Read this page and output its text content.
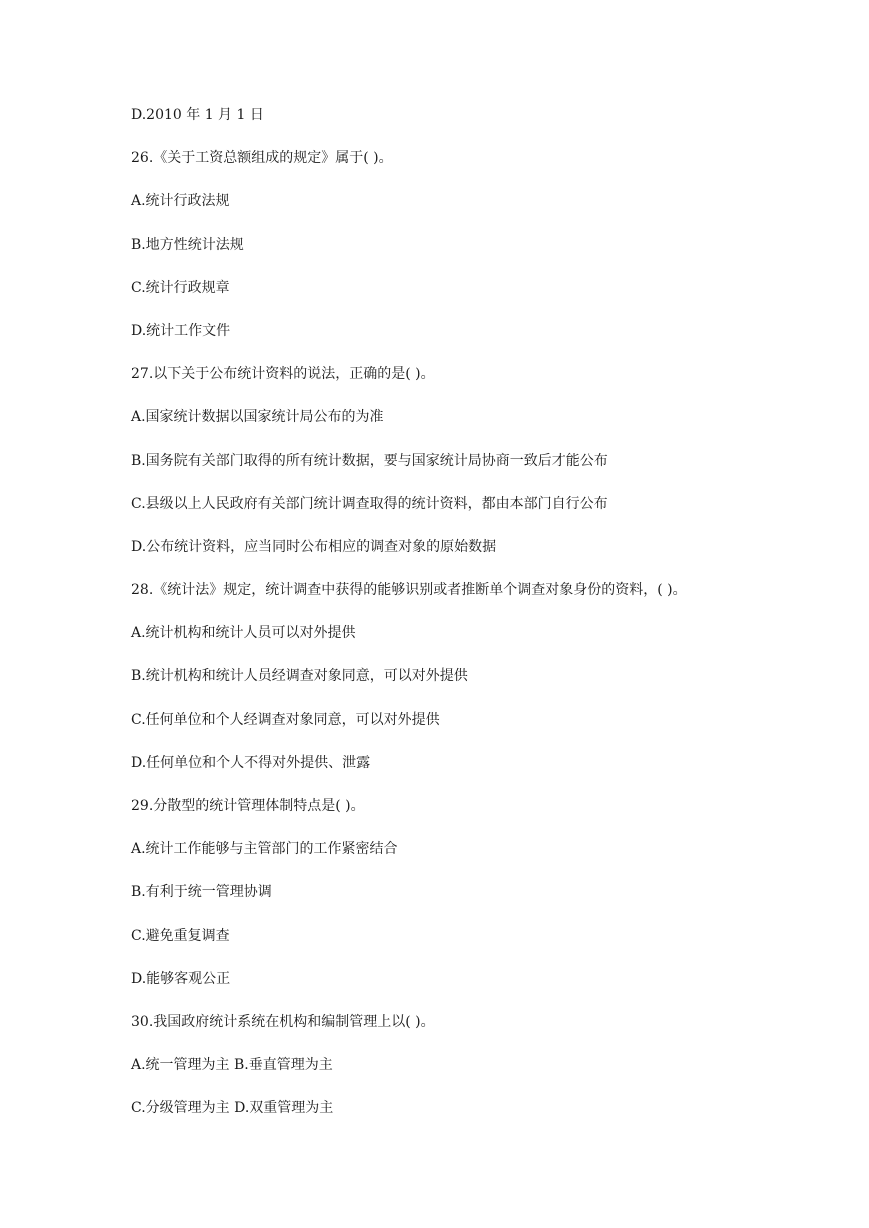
D.2010 年 1 月 1 日
26.《关于工资总额组成的规定》属于( )。
A.统计行政法规
B.地方性统计法规
C.统计行政规章
D.统计工作文件
27.以下关于公布统计资料的说法，正确的是( )。
A.国家统计数据以国家统计局公布的为准
B.国务院有关部门取得的所有统计数据，要与国家统计局协商一致后才能公布
C.县级以上人民政府有关部门统计调查取得的统计资料，都由本部门自行公布
D.公布统计资料，应当同时公布相应的调查对象的原始数据
28.《统计法》规定，统计调查中获得的能够识别或者推断单个调查对象身份的资料，( )。
A.统计机构和统计人员可以对外提供
B.统计机构和统计人员经调查对象同意，可以对外提供
C.任何单位和个人经调查对象同意，可以对外提供
D.任何单位和个人不得对外提供、泄露
29.分散型的统计管理体制特点是( )。
A.统计工作能够与主管部门的工作紧密结合
B.有利于统一管理协调
C.避免重复调查
D.能够客观公正
30.我国政府统计系统在机构和编制管理上以( )。
A.统一管理为主 B.垂直管理为主
C.分级管理为主 D.双重管理为主
